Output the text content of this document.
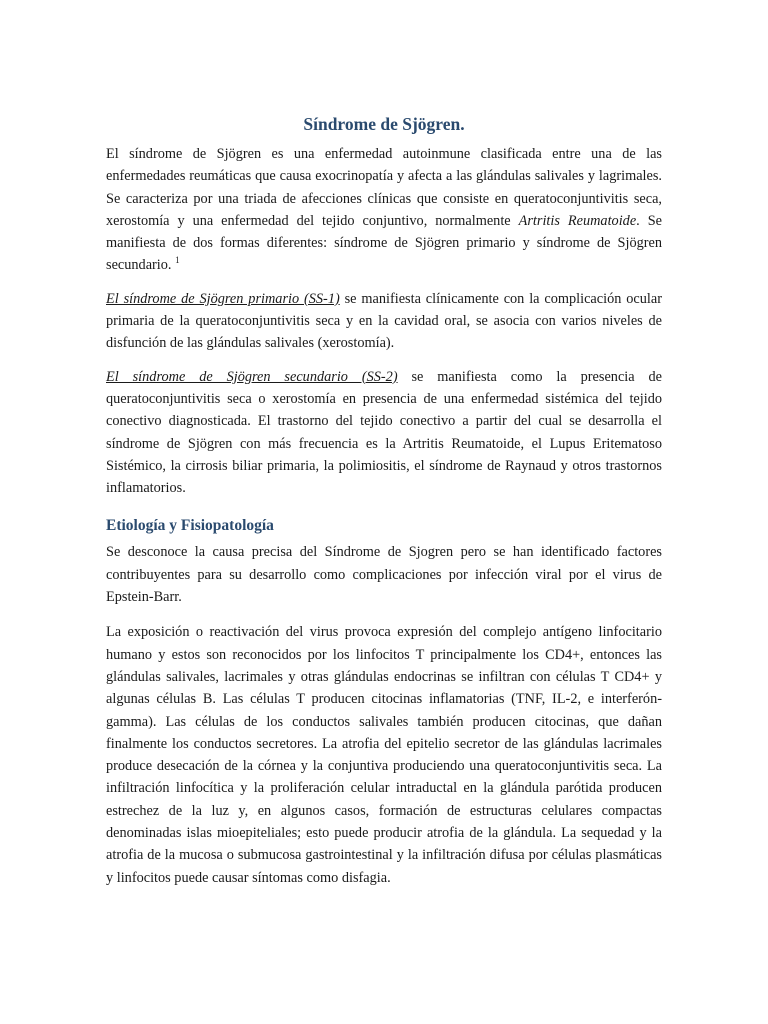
Síndrome de Sjögren.

El síndrome de Sjögren es una enfermedad autoinmune clasificada entre una de las enfermedades reumáticas que causa exocrinopatía y afecta a las glándulas salivales y lagrimales. Se caracteriza por una triada de afecciones clínicas que consiste en queratoconjuntivitis seca, xerostomía y una enfermedad del tejido conjuntivo, normalmente Artritis Reumatoide. Se manifiesta de dos formas diferentes: síndrome de Sjögren primario y síndrome de Sjögren secundario. $^1$

El síndrome de Sjögren primario (SS-1) se manifiesta clínicamente con la complicación ocular primaria de la queratoconjuntivitis seca y en la cavidad oral, se asocia con varios niveles de disfunción de las glándulas salivales (xerostomía).

El síndrome de Sjögren secundario (SS-2) se manifiesta como la presencia de queratoconjuntivitis seca o xerostomía en presencia de una enfermedad sistémica del tejido conectivo diagnosticada. El trastorno del tejido conectivo a partir del cual se desarrolla el síndrome de Sjögren con más frecuencia es la Artritis Reumatoide, el Lupus Eritematoso Sistémico, la cirrosis biliar primaria, la polimiositis, el síndrome de Raynaud y otros trastornos inflamatorios.

Etiología y Fisiopatología

Se desconoce la causa precisa del Síndrome de Sjogren pero se han identificado factores contribuyentes para su desarrollo como complicaciones por infección viral por el virus de Epstein-Barr.

La exposición o reactivación del virus provoca expresión del complejo antígeno linfocitario humano y estos son reconocidos por los linfocitos T principalmente los CD4+, entonces las glándulas salivales, lacrimales y otras glándulas endocrinas se infiltran con células T CD4+ y algunas células B. Las células T producen citocinas inflamatorias (TNF, IL-2, e interferón-gamma). Las células de los conductos salivales también producen citocinas, que dañan finalmente los conductos secretores. La atrofia del epitelio secretor de las glándulas lacrimales produce desecación de la córnea y la conjuntiva produciendo una queratoconjuntivitis seca. La infiltración linfocítica y la proliferación celular intraductal en la glándula parótida producen estrechez de la luz y, en algunos casos, formación de estructuras celulares compactas denominadas islas mioepiteliales; esto puede producir atrofia de la glándula. La sequedad y la atrofia de la mucosa o submucosa gastrointestinal y la infiltración difusa por células plasmáticas y linfocitos puede causar síntomas como disfagia.
